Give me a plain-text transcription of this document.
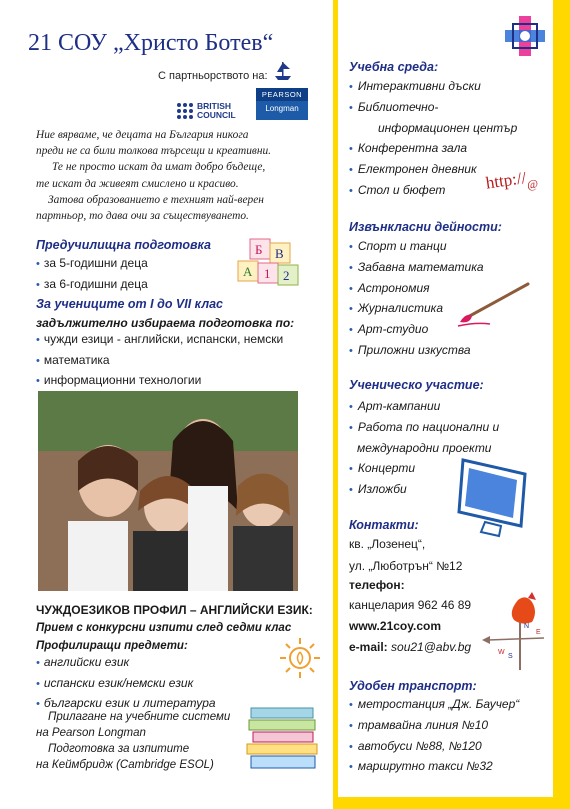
21 СОУ „Христо Ботев“
С партньорството на:
BRITISH
COUNCIL
PEARSON
Longman
Ние вярваме, че децата на България никога
преди не са били толкова търсещи и креативни.
Те не просто искат да имат добро бъдеще,
те искат да живеят смислено и красиво.
Затова образованието е техният най-верен
партньор, то дава очи за съществуването.
Предучилищна подготовка
• за 5-годишни деца
• за 6-годишни деца
Б В
А 1 2
За учениците от I до VII клас
задължително избираема подготовка по:
• чужди езици - английски, испански, немски
• математика
• информационни технологии
ЧУЖДОЕЗИКОВ ПРОФИЛ – АНГЛИЙСКИ ЕЗИК:
Прием с конкурсни изпити след седми клас
Профилиращи предмети:
• английски език
• испански език/немски език
• български език и литература
Прилагане на учебните системи
на Pearson Longman
Подготовка за изпитите
на Кеймбридж (Cambridge ESOL)
Учебна среда:
• Интерактивни дъски
• Библиотечно-
информационен център
• Конферентна зала
• Електронен дневник
• Стол и бюфет	$http://_@$
Извънкласни дейности:
• Спорт и танци
• Забавна математика
• Астрономия
• Журналистика
• Арт-студио
• Приложни изкуства
Ученическо участие:
• Арт-кампании
• Работа по национални и
международни проекти
• Концерти
• Изложби
Контакти:
кв. „Лозенец“,
ул. „Люботрън“ №12
телефон:
канцелария 962 46 89
www.21coy.com
e-mail: sou21@abv.bg	W
S
N
E
Удобен транспорт:
• метростанция „Дж. Баучер“
• трамвайна линия №10
• автобуси №88, №120
• маршрутно такси №32
